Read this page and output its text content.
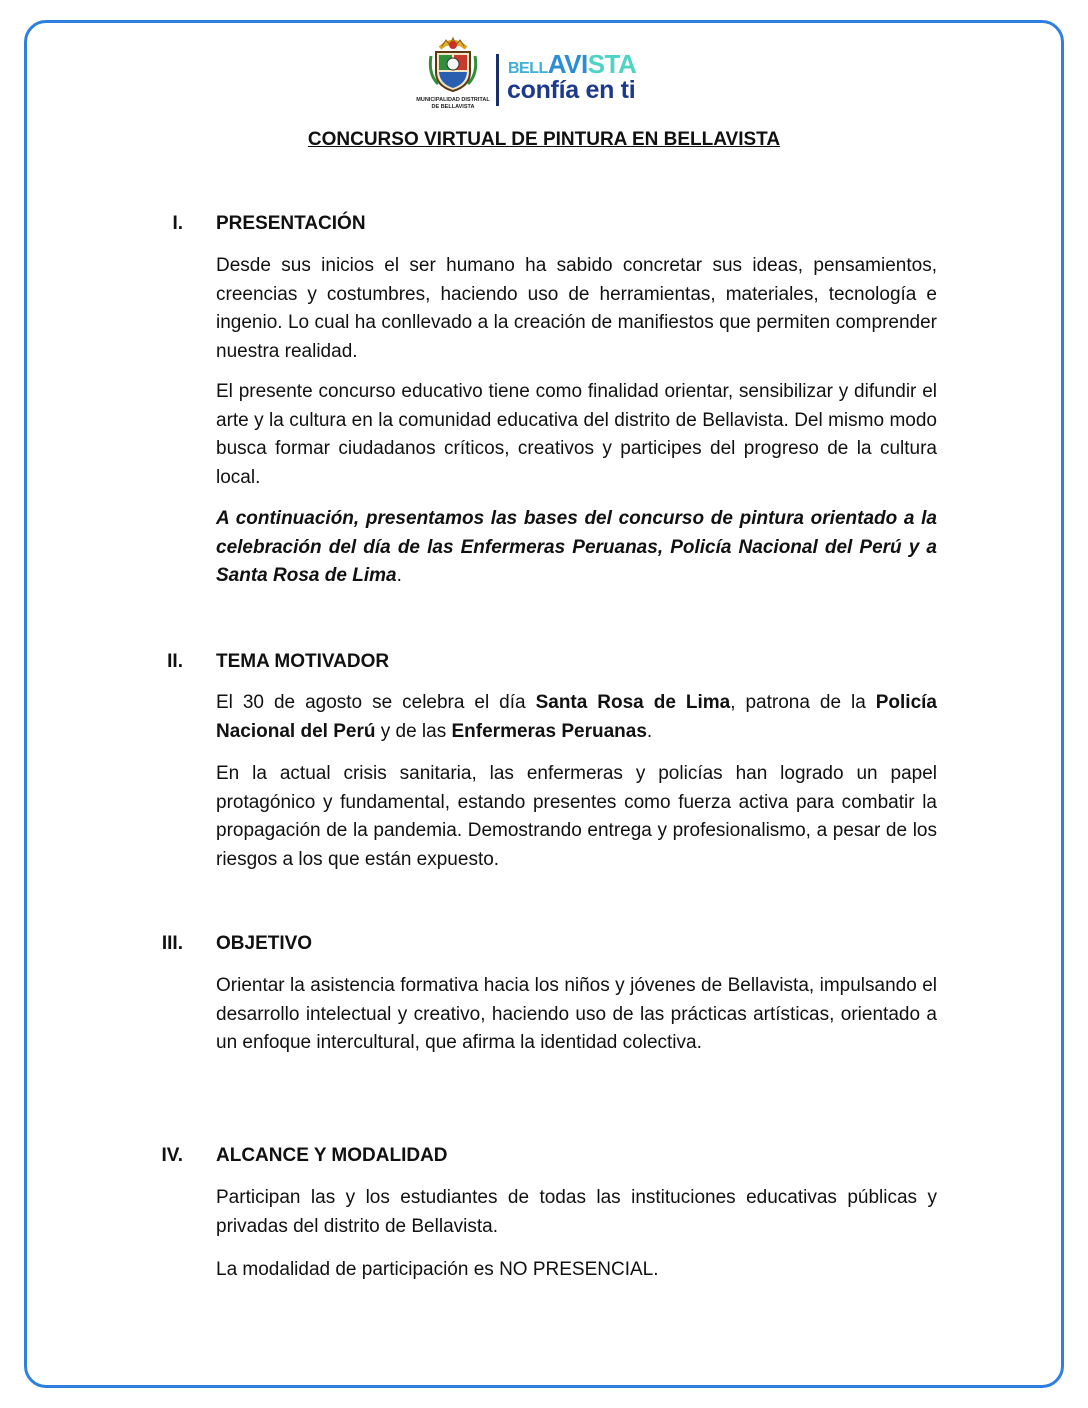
MUNICIPALIDAD DISTRITAL
DE BELLAVISTA
BELLAVISTA
confía en ti
CONCURSO VIRTUAL DE PINTURA EN BELLAVISTA
I. PRESENTACIÓN

Desde sus inicios el ser humano ha sabido concretar sus ideas, pensamientos, creencias y costumbres, haciendo uso de herramientas, materiales, tecnología e ingenio. Lo cual ha conllevado a la creación de manifiestos que permiten comprender nuestra realidad.

El presente concurso educativo tiene como finalidad orientar, sensibilizar y difundir el arte y la cultura en la comunidad educativa del distrito de Bellavista. Del mismo modo busca formar ciudadanos críticos, creativos y participes del progreso de la cultura local.

A continuación, presentamos las bases del concurso de pintura orientado a la celebración del día de las Enfermeras Peruanas, Policía Nacional del Perú y a Santa Rosa de Lima.

II. TEMA MOTIVADOR

El 30 de agosto se celebra el día Santa Rosa de Lima, patrona de la Policía Nacional del Perú y de las Enfermeras Peruanas.

En la actual crisis sanitaria, las enfermeras y policías han logrado un papel protagónico y fundamental, estando presentes como fuerza activa para combatir la propagación de la pandemia. Demostrando entrega y profesionalismo, a pesar de los riesgos a los que están expuesto.

III. OBJETIVO

Orientar la asistencia formativa hacia los niños y jóvenes de Bellavista, impulsando el desarrollo intelectual y creativo, haciendo uso de las prácticas artísticas, orientado a un enfoque intercultural, que afirma la identidad colectiva.

IV. ALCANCE Y MODALIDAD

Participan las y los estudiantes de todas las instituciones educativas públicas y privadas del distrito de Bellavista.

La modalidad de participación es NO PRESENCIAL.
